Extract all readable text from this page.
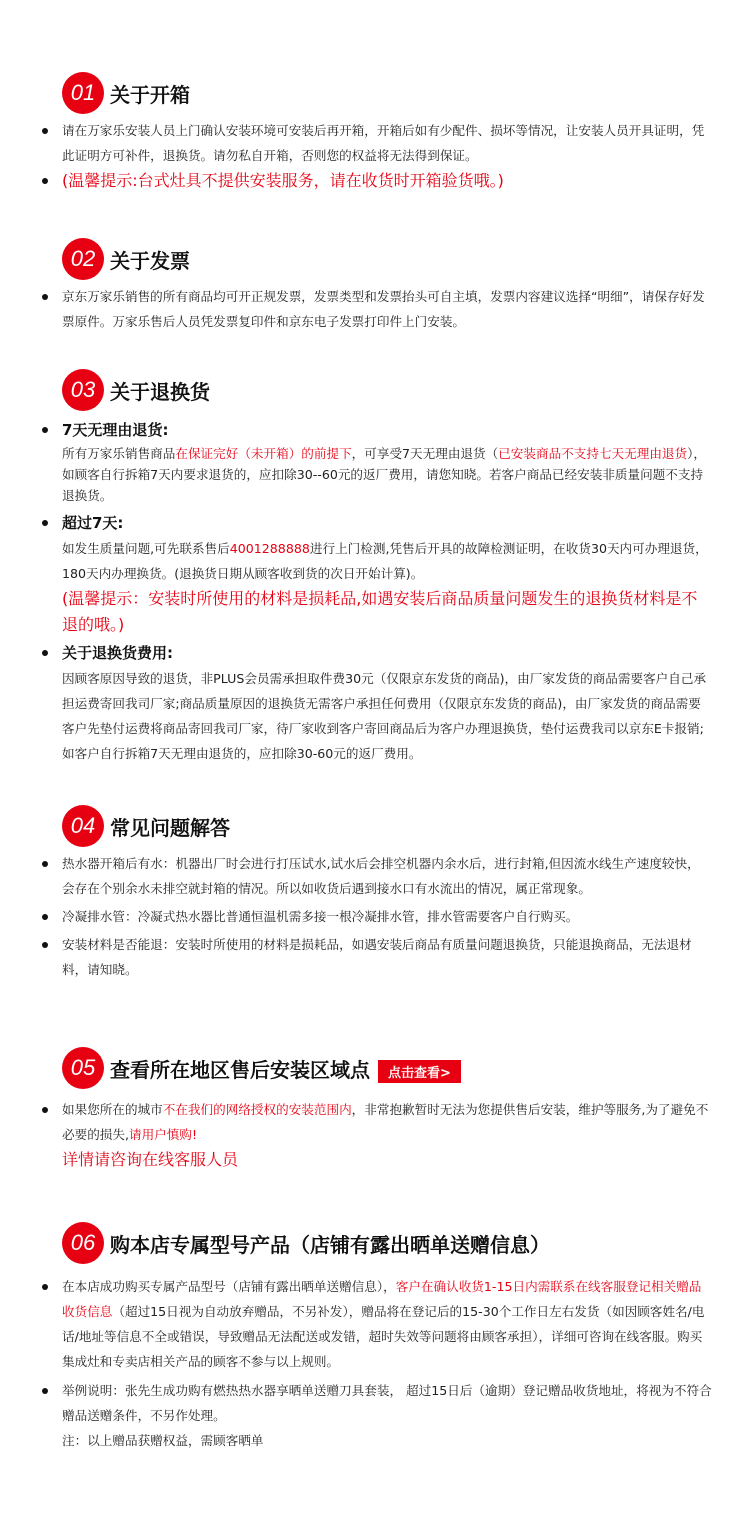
01 关于开箱

请在万家乐安装人员上门确认安装环境可安装后再开箱，开箱后如有少配件、损坏等情况，让安装人员开具证明，凭此证明方可补件，退换货。请勿私自开箱，否则您的权益将无法得到保证。

(温馨提示:台式灶具不提供安装服务，请在收货时开箱验货哦。)

02 关于发票

京东万家乐销售的所有商品均可开正规发票，发票类型和发票抬头可自主填，发票内容建议选择“明细”，请保存好发票原件。万家乐售后人员凭发票复印件和京东电子发票打印件上门安装。

03 关于退换货
7天无理由退货:

所有万家乐销售商品在保证完好（未开箱）的前提下，可享受7天无理由退货（已安装商品不支持七天无理由退货），如顾客自行拆箱7天内要求退货的，应扣除30--60元的返厂费用，请您知晓。若客户商品已经安装非质量问题不支持退换货。

超过7天:

如发生质量问题,可先联系售后4001288888进行上门检测,凭售后开具的故障检测证明，在收货30天内可办理退货，180天内办理换货。(退换货日期从顾客收到货的次日开始计算)。

(温馨提示：安装时所使用的材料是损耗品,如遇安装后商品质量问题发生的退换货材料是不退的哦。)

关于退换货费用:

因顾客原因导致的退货，非PLUS会员需承担取件费30元（仅限京东发货的商品)，由厂家发货的商品需要客户自己承担运费寄回我司厂家;商品质量原因的退换货无需客户承担任何费用（仅限京东发货的商品)，由厂家发货的商品需要客户先垫付运费将商品寄回我司厂家，待厂家收到客户寄回商品后为客户办理退换货，垫付运费我司以京东E卡报销;如客户自行拆箱7天无理由退货的，应扣除30-60元的返厂费用。

04 常见问题解答

热水器开箱后有水：机器出厂时会进行打压试水,试水后会排空机器内余水后，进行封箱,但因流水线生产速度较快，会存在个别余水未排空就封箱的情况。所以如收货后遇到接水口有水流出的情况，属正常现象。

冷凝排水管：冷凝式热水器比普通恒温机需多接一根冷凝排水管，排水管需要客户自行购买。

安装材料是否能退：安装时所使用的材料是损耗品，如遇安装后商品有质量问题退换货，只能退换商品，无法退材料，请知晓。

05 查看所在地区售后安装区域点 点击查看>

如果您所在的城市不在我们的网络授权的安装范围内，非常抱歉暂时无法为您提供售后安装，维护等服务,为了避免不必要的损失,请用户慎购!

详情请咨询在线客服人员

06 购本店专属型号产品（店铺有露出晒单送赠信息）

在本店成功购买专属产品型号（店铺有露出晒单送赠信息），客户在确认收货1-15日内需联系在线客服登记相关赠品收货信息（超过15日视为自动放弃赠品，不另补发），赠品将在登记后的15-30个工作日左右发货（如因顾客姓名/电话/地址等信息不全或错误，导致赠品无法配送或发错，超时失效等问题将由顾客承担），详细可咨询在线客服。购买集成灶和专卖店相关产品的顾客不参与以上规则。

举例说明：张先生成功购有燃热热水器享晒单送赠刀具套装， 超过15日后（逾期）登记赠品收货地址，将视为不符合赠品送赠条件，不另作处理。

注：以上赠品获赠权益，需顾客晒单
